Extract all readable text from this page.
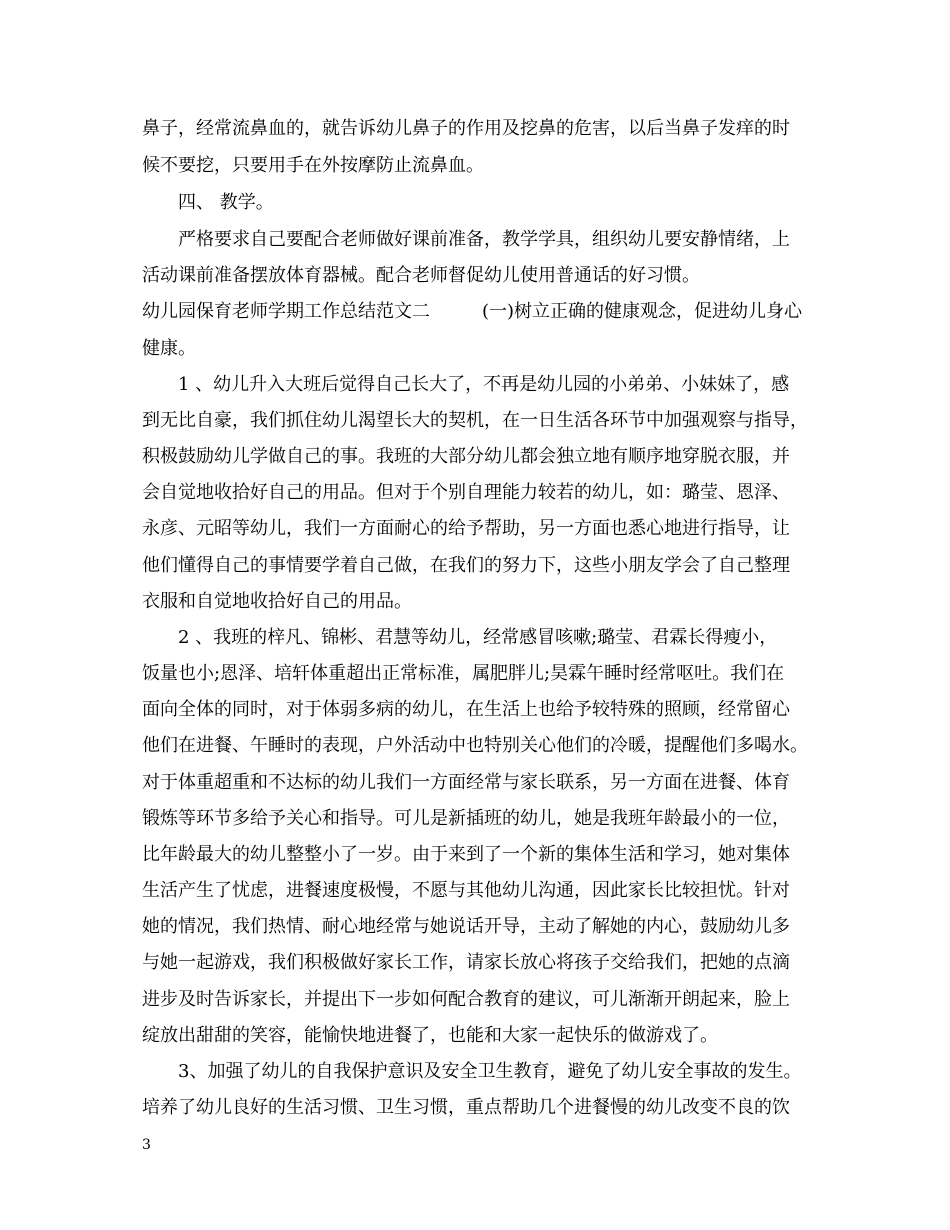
鼻子，经常流鼻血的，就告诉幼儿鼻子的作用及挖鼻的危害，以后当鼻子发痒的时
候不要挖，只要用手在外按摩防止流鼻血。
四、 教学。
严格要求自己要配合老师做好课前准备，教学学具，组织幼儿要安静情绪，上
活动课前准备摆放体育器械。配合老师督促幼儿使用普通话的好习惯。
幼儿园保育老师学期工作总结范文二	(一)树立正确的健康观念，促进幼儿身心
健康。
1 、幼儿升入大班后觉得自己长大了，不再是幼儿园的小弟弟、小妹妹了，感
到无比自豪，我们抓住幼儿渴望长大的契机，在一日生活各环节中加强观察与指导，
积极鼓励幼儿学做自己的事。我班的大部分幼儿都会独立地有顺序地穿脱衣服，并
会自觉地收拾好自己的用品。但对于个别自理能力较若的幼儿，如：璐莹、恩泽、
永彦、元昭等幼儿，我们一方面耐心的给予帮助，另一方面也悉心地进行指导，让
他们懂得自己的事情要学着自己做，在我们的努力下，这些小朋友学会了自己整理
衣服和自觉地收拾好自己的用品。
2 、我班的梓凡、锦彬、君慧等幼儿，经常感冒咳嗽;璐莹、君霖长得瘦小，
饭量也小;恩泽、培轩体重超出正常标准，属肥胖儿;昊霖午睡时经常呕吐。我们在
面向全体的同时，对于体弱多病的幼儿，在生活上也给予较特殊的照顾，经常留心
他们在进餐、午睡时的表现，户外活动中也特别关心他们的冷暖，提醒他们多喝水。
对于体重超重和不达标的幼儿我们一方面经常与家长联系，另一方面在进餐、体育
锻炼等环节多给予关心和指导。可儿是新插班的幼儿，她是我班年龄最小的一位，
比年龄最大的幼儿整整小了一岁。由于来到了一个新的集体生活和学习，她对集体
生活产生了忧虑，进餐速度极慢，不愿与其他幼儿沟通，因此家长比较担忧。针对
她的情况，我们热情、耐心地经常与她说话开导，主动了解她的内心，鼓励幼儿多
与她一起游戏，我们积极做好家长工作，请家长放心将孩子交给我们，把她的点滴
进步及时告诉家长，并提出下一步如何配合教育的建议，可儿渐渐开朗起来，脸上
绽放出甜甜的笑容，能愉快地进餐了，也能和大家一起快乐的做游戏了。
3、加强了幼儿的自我保护意识及安全卫生教育，避免了幼儿安全事故的发生。
培养了幼儿良好的生活习惯、卫生习惯，重点帮助几个进餐慢的幼儿改变不良的饮
3
